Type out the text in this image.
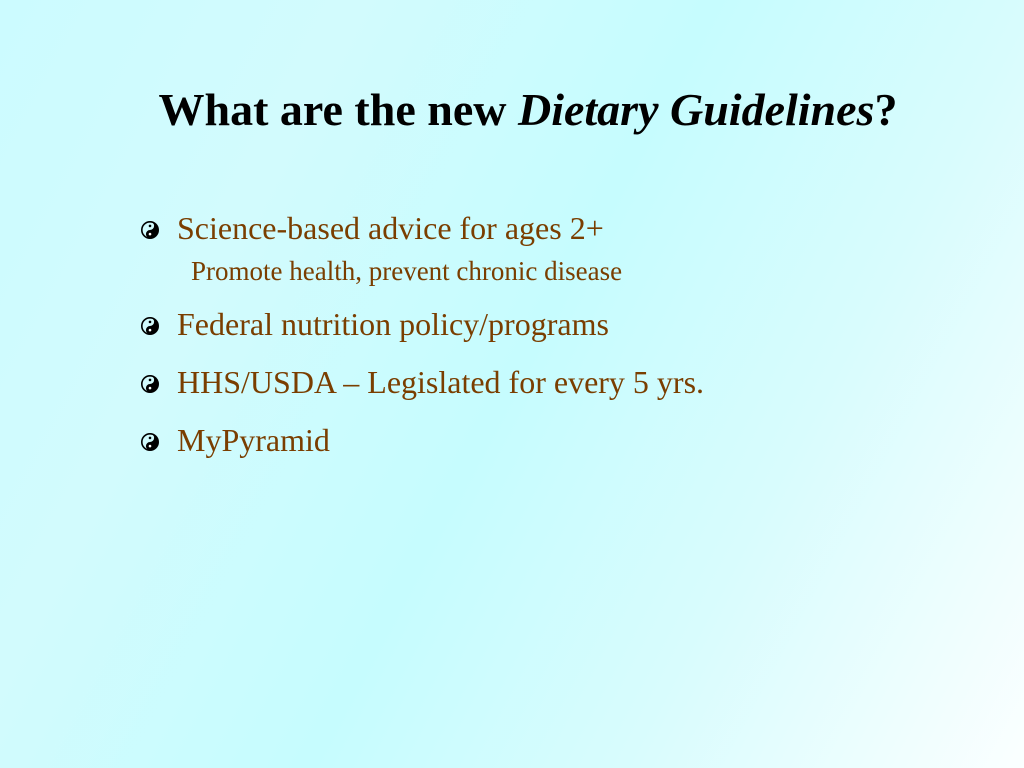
What are the new Dietary Guidelines?
Science-based advice for ages 2+
Promote health, prevent chronic disease
Federal nutrition policy/programs
HHS/USDA – Legislated for every 5 yrs.
MyPyramid
